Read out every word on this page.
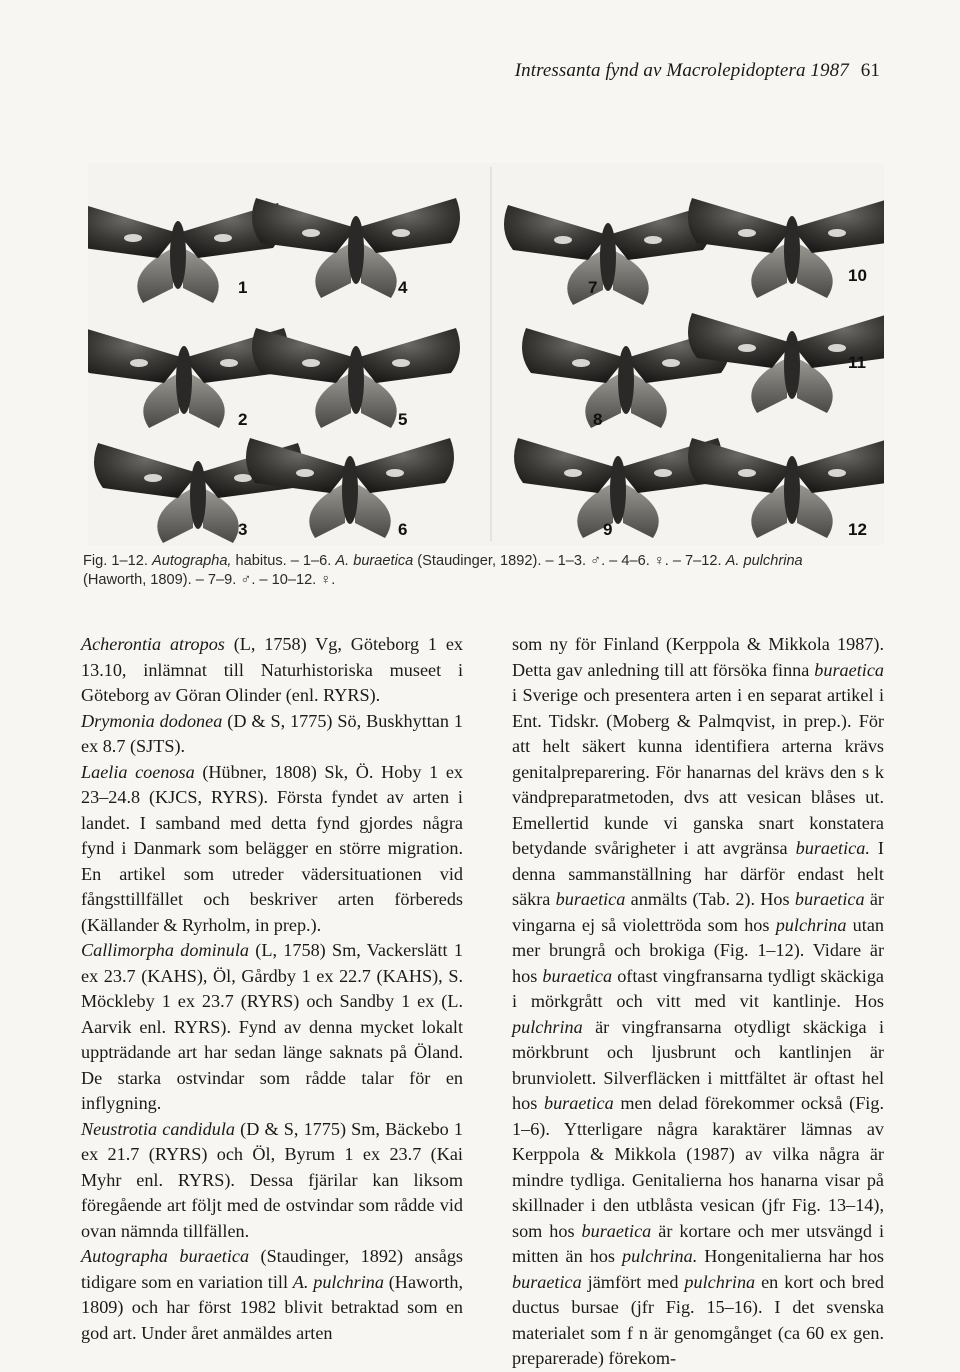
Intressanta fynd av Macrolepidoptera 1987 61
1
2
3
4
5
6
7
8
9
10
11
12
Fig. 1–12. Autographa, habitus. – 1–6. A. buraetica (Staudinger, 1892). – 1–3. ♂. – 4–6. ♀. – 7–12. A. pulchrina
(Haworth, 1809). – 7–9. ♂. – 10–12. ♀.

Acherontia atropos (L, 1758) Vg, Göteborg 1 ex 13.10, inlämnat till Naturhistoriska museet i Göteborg av Göran Olinder (enl. RYRS).

Drymonia dodonea (D & S, 1775) Sö, Buskhyttan 1 ex 8.7 (SJTS).

Laelia coenosa (Hübner, 1808) Sk, Ö. Hoby 1 ex 23–24.8 (KJCS, RYRS). Första fyndet av arten i landet. I samband med detta fynd gjordes några fynd i Danmark som belägger en större migration. En artikel som utreder vädersituationen vid fångsttillfället och beskriver arten förbereds (Källander & Ryrholm, in prep.).

Callimorpha dominula (L, 1758) Sm, Vackerslätt 1 ex 23.7 (KAHS), Öl, Gårdby 1 ex 22.7 (KAHS), S. Möckleby 1 ex 23.7 (RYRS) och Sandby 1 ex (L. Aarvik enl. RYRS). Fynd av denna mycket lokalt uppträdande art har sedan länge saknats på Öland. De starka ostvindar som rådde talar för en inflygning.

Neustrotia candidula (D & S, 1775) Sm, Bäckebo 1 ex 21.7 (RYRS) och Öl, Byrum 1 ex 23.7 (Kai Myhr enl. RYRS). Dessa fjärilar kan liksom föregående art följt med de ostvindar som rådde vid ovan nämnda tillfällen.

Autographa buraetica (Staudinger, 1892) ansågs tidigare som en variation till A. pulchrina (Haworth, 1809) och har först 1982 blivit betraktad som en god art. Under året anmäldes arten

som ny för Finland (Kerppola & Mikkola 1987). Detta gav anledning till att försöka finna buraetica i Sverige och presentera arten i en separat artikel i Ent. Tidskr. (Moberg & Palmqvist, in prep.). För att helt säkert kunna identifiera arterna krävs genitalpreparering. För hanarnas del krävs den s k vändpreparatmetoden, dvs att vesican blåses ut. Emellertid kunde vi ganska snart konstatera betydande svårigheter i att avgränsa buraetica. I denna sammanställning har därför endast helt säkra buraetica anmälts (Tab. 2). Hos buraetica är vingarna ej så violettröda som hos pulchrina utan mer brungrå och brokiga (Fig. 1–12). Vidare är hos buraetica oftast vingfransarna tydligt skäckiga i mörkgrått och vitt med vit kantlinje. Hos pulchrina är vingfransarna otydligt skäckiga i mörkbrunt och ljusbrunt och kantlinjen är brunviolett. Silverfläcken i mittfältet är oftast hel hos buraetica men delad förekommer också (Fig. 1–6). Ytterligare några karaktärer lämnas av Kerppola & Mikkola (1987) av vilka några är mindre tydliga. Genitalierna hos hanarna visar på skillnader i den utblåsta vesican (jfr Fig. 13–14), som hos buraetica är kortare och mer utsvängd i mitten än hos pulchrina. Hongenitalierna har hos buraetica jämfört med pulchrina en kort och bred ductus bursae (jfr Fig. 15–16). I det svenska materialet som f n är genomgånget (ca 60 ex gen. preparerade) förekom-
